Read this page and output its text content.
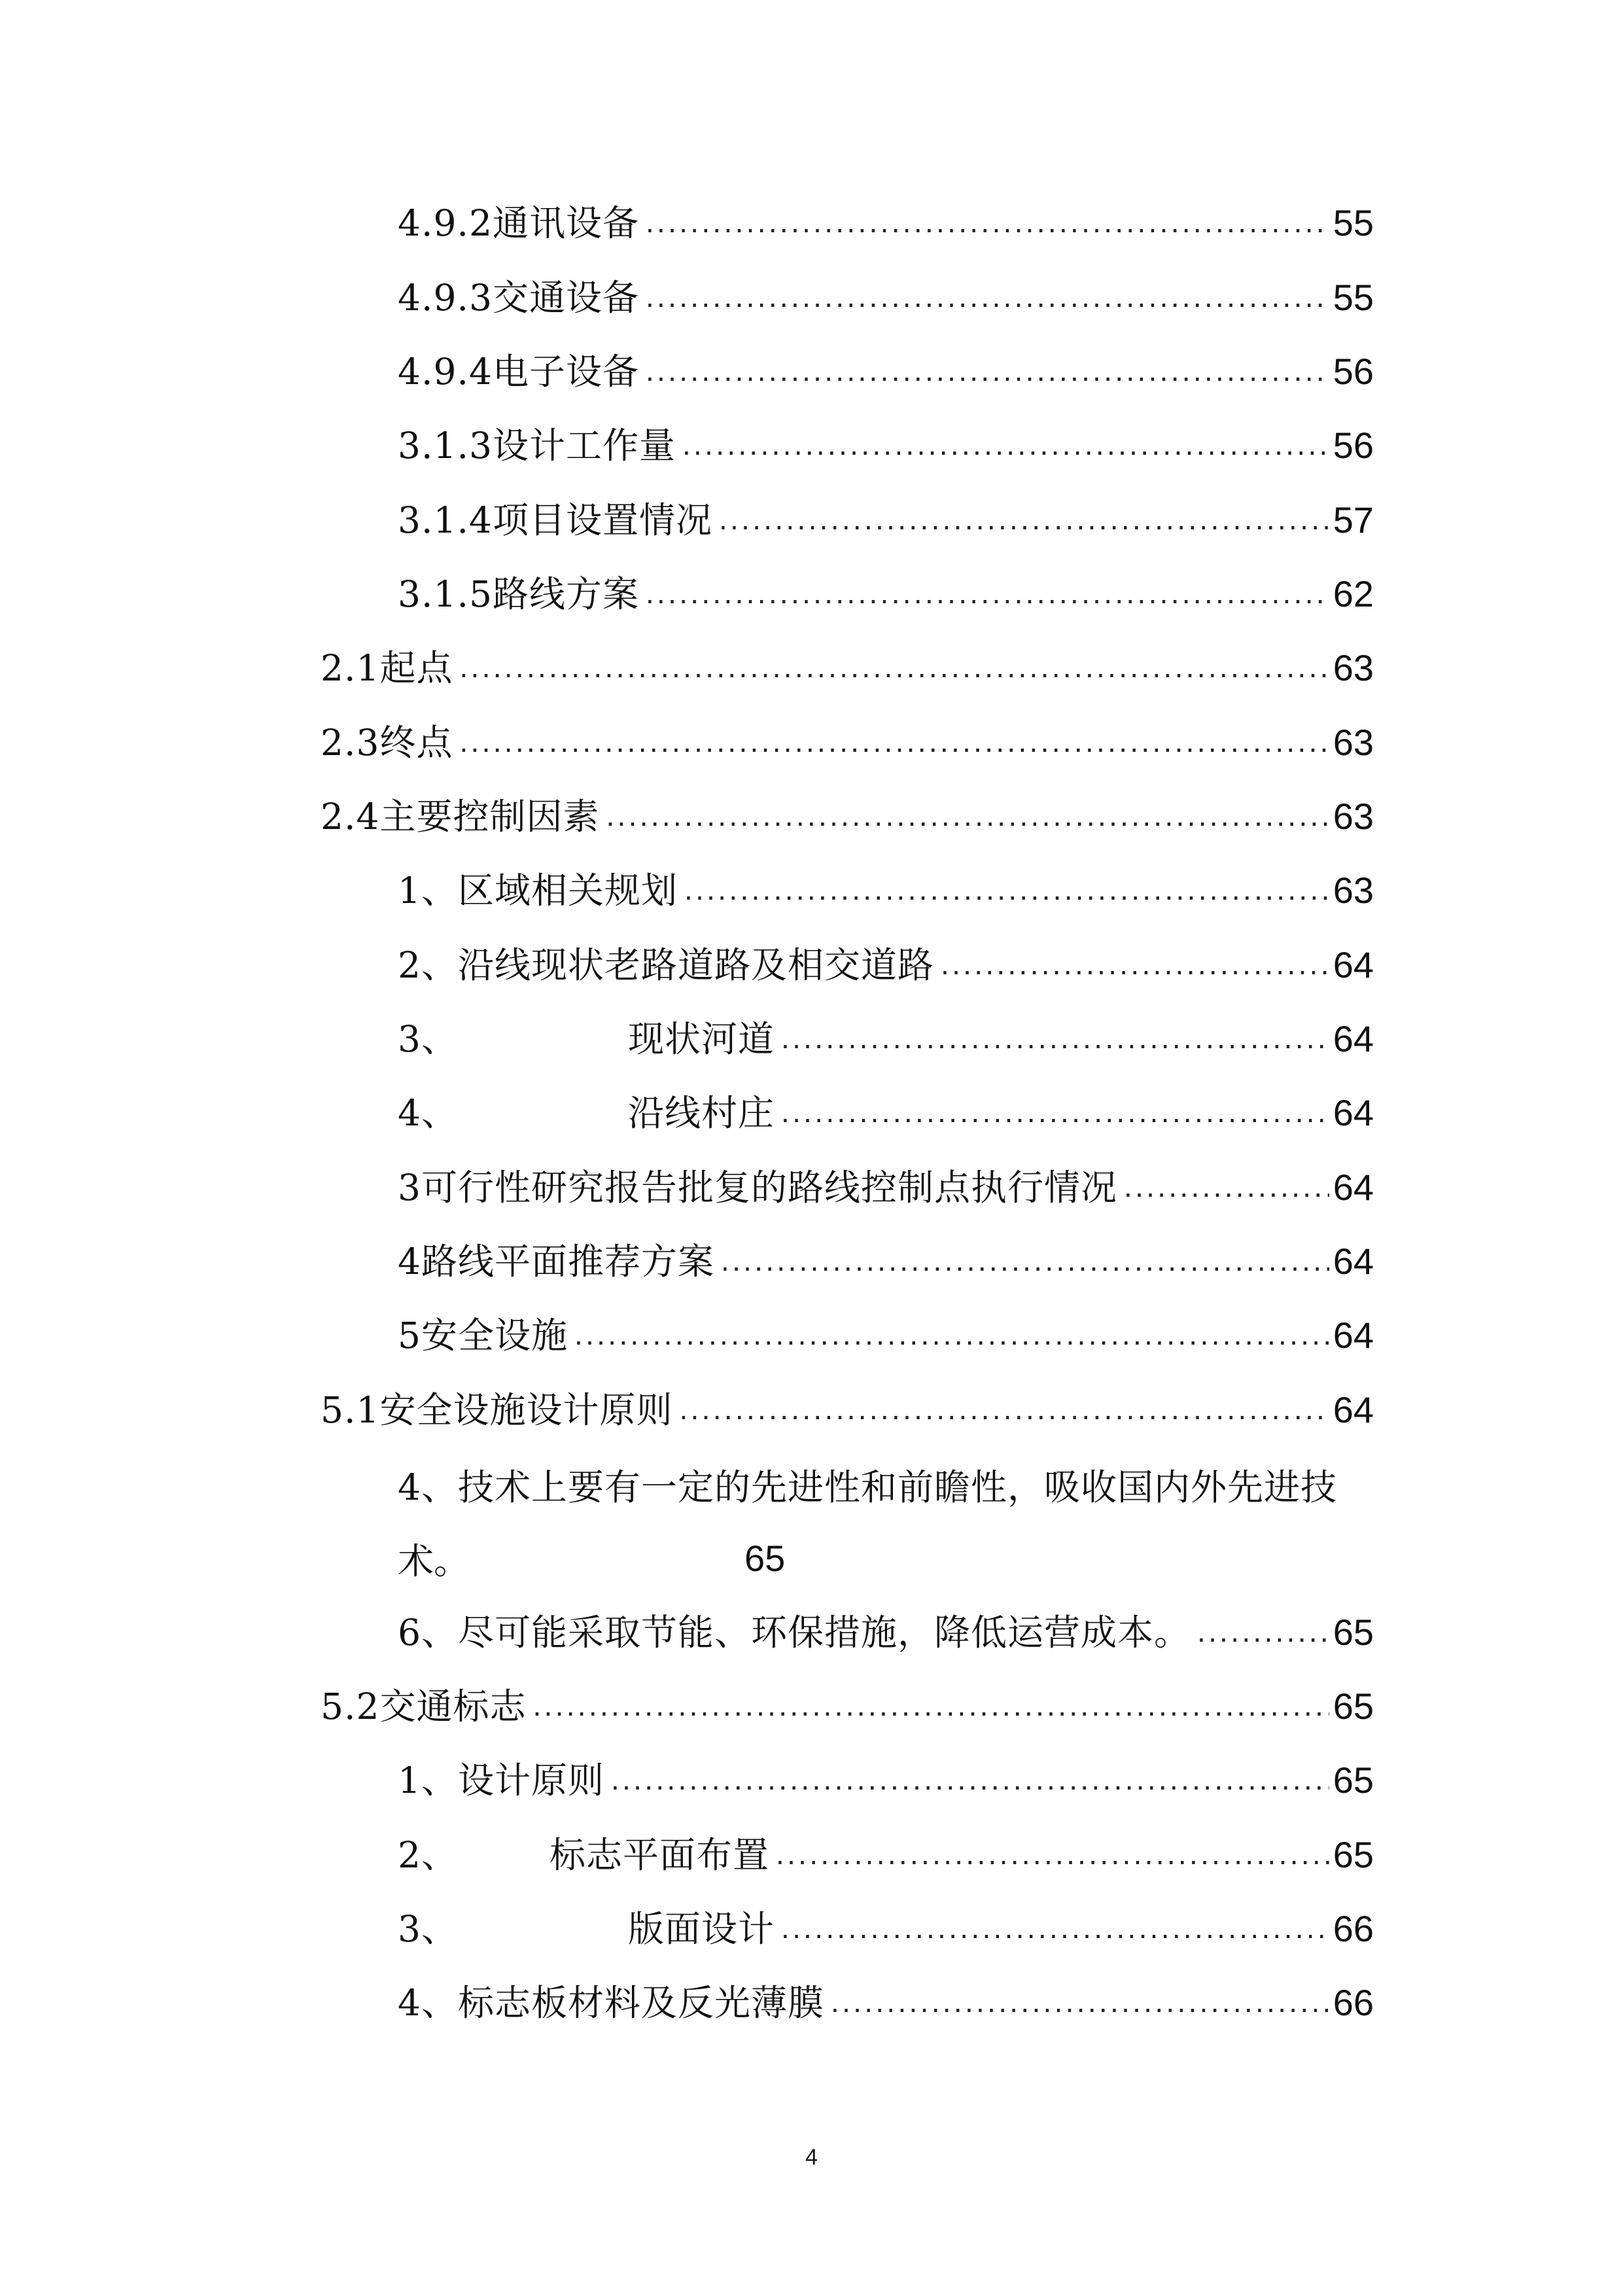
4.9.2通讯设备 .....	55
4.9.3交通设备 .....	55
4.9.4电子设备 .....	56
3.1.3设计工作量 .....	56
3.1.4项目设置情况 .....	57
3.1.5路线方案 .....	62
2.1起点 .....	63
2.3终点 .....	63
2.4主要控制因素 .....	63
1、区域相关规划 .....	63
2、沿线现状老路道路及相交道路 .....	64
3、	现状河道 .....	64
4、	沿线村庄 .....	64
3可行性研究报告批复的路线控制点执行情况 .....	64
4路线平面推荐方案 .....	64
5安全设施 .....	64
5.1安全设施设计原则 .....	64
4、技术上要有一定的先进性和前瞻性，吸收国内外先进技
术。	65
6、尽可能采取节能、环保措施，降低运营成本。 .....	65
5.2交通标志 .....	65
1、设计原则 .....	65
2、	标志平面布置 .....	65
3、	版面设计 .....	66
4、标志板材料及反光薄膜 .....	66
4
